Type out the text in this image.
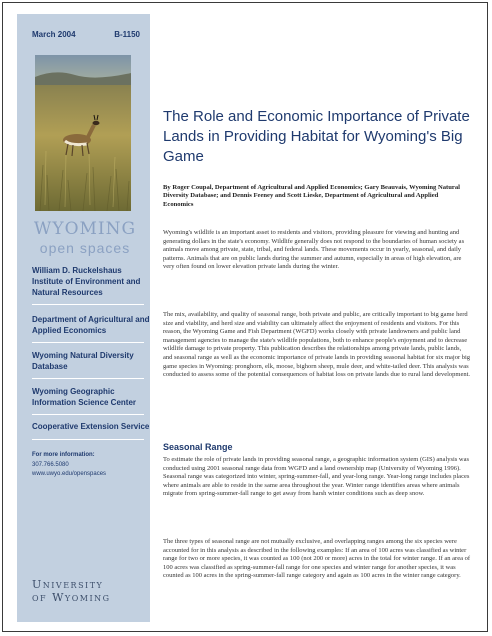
March 2004	B-1150
WYOMING
open spaces
William D. Ruckelshaus Institute of Environment and Natural Resources
Department of Agricultural and Applied Economics
Wyoming Natural Diversity Database
Wyoming Geographic Information Science Center
Cooperative Extension Service
For more information:
307.766.5080
www.uwyo.edu/openspaces
University
of Wyoming
The Role and Economic Importance of Private Lands in Providing Habitat for Wyoming's Big Game
By Roger Coupal, Department of Agricultural and Applied Economics; Gary Beauvais, Wyoming Natural Diversity Database; and Dennis Feeney and Scott Lieske, Department of Agricultural and Applied Economics

Wyoming's wildlife is an important asset to residents and visitors, providing pleasure for viewing and hunting and generating dollars in the state's economy. Wildlife generally does not respond to the boundaries of human society as animals move among private, state, tribal, and federal lands. These movements occur in yearly, seasonal, and daily patterns. Animals that are on public lands during the summer and autumn, especially in areas of high elevation, are very often found on lower elevation private lands during the winter.

The mix, availability, and quality of seasonal range, both private and public, are critically important to big game herd size and viability, and herd size and viability can ultimately affect the enjoyment of residents and visitors. For this reason, the Wyoming Game and Fish Department (WGFD) works closely with private landowners and public land management agencies to manage the state's wildlife populations, both to enhance people's enjoyment and to decrease wildlife damage to private property. This publication describes the relationships among private lands, public lands, and seasonal range as well as the economic importance of private lands in providing seasonal habitat for six major big game species in Wyoming: pronghorn, elk, moose, bighorn sheep, mule deer, and white-tailed deer. This analysis was conducted to assess some of the potential consequences of habitat loss on private lands due to rural land development.

Seasonal Range

To estimate the role of private lands in providing seasonal range, a geographic information system (GIS) analysis was conducted using 2001 seasonal range data from WGFD and a land ownership map (University of Wyoming 1996). Seasonal range was categorized into winter, spring-summer-fall, and year-long range. Year-long range includes places where animals are able to reside in the same area throughout the year. Winter range identifies areas where animals migrate from spring-summer-fall range to get away from harsh winter conditions such as deep snow.

The three types of seasonal range are not mutually exclusive, and overlapping ranges among the six species were accounted for in this analysis as described in the following examples: If an area of 100 acres was classified as winter range for two or more species, it was counted as 100 (not 200 or more) acres in the total for winter range. If an area of 100 acres was classified as spring-summer-fall range for one species and winter range for another species, it was counted as 100 acres in the spring-summer-fall range category and again as 100 acres in the winter range category.
